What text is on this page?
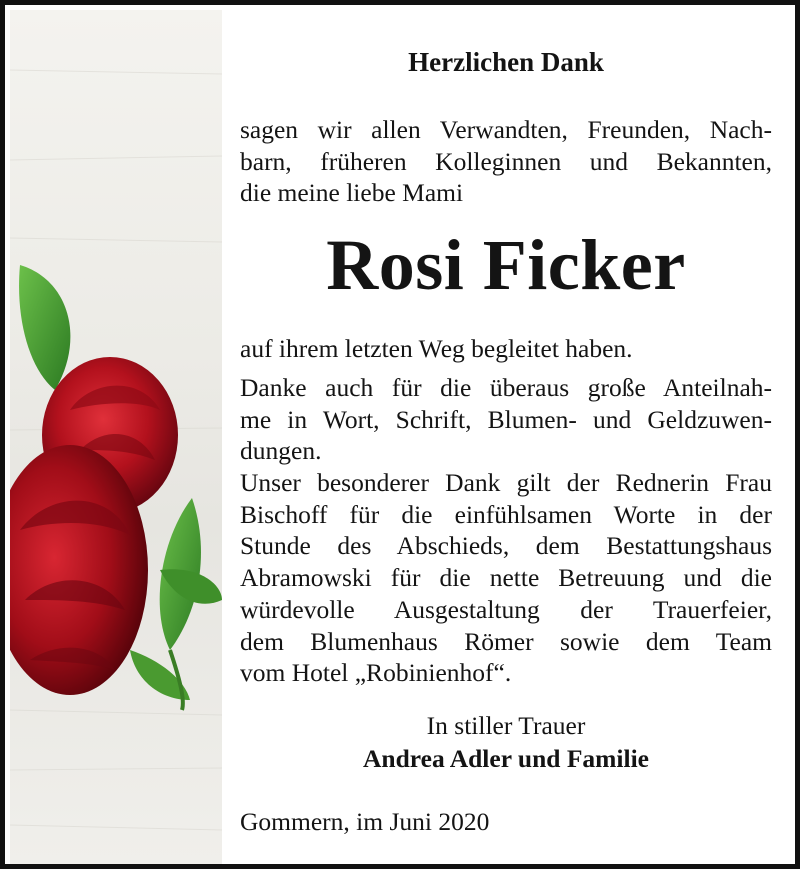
Herzlichen Dank
sagen wir allen Verwandten, Freunden, Nach-
barn, früheren Kolleginnen und Bekannten,
die meine liebe Mami
Rosi Ficker
auf ihrem letzten Weg begleitet haben.
Danke auch für die überaus große Anteilnah-
me in Wort, Schrift, Blumen- und Geldzuwen-
dungen.
Unser besonderer Dank gilt der Rednerin Frau
Bischoff für die einfühlsamen Worte in der
Stunde des Abschieds, dem Bestattungshaus
Abramowski für die nette Betreuung und die
würdevolle Ausgestaltung der Trauerfeier,
dem Blumenhaus Römer sowie dem Team
vom Hotel „Robinienhof“.
In stiller Trauer
Andrea Adler und Familie
Gommern, im Juni 2020
